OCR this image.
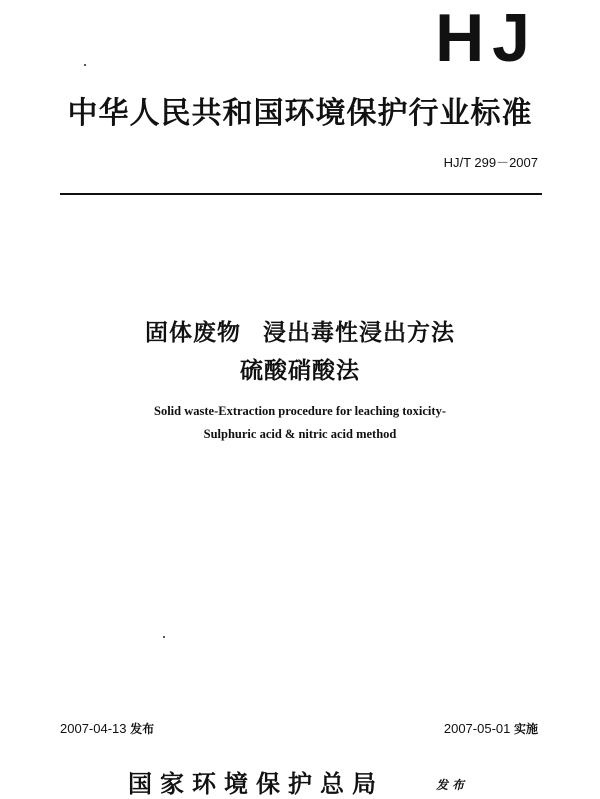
HJ
中华人民共和国环境保护行业标准
HJ/T 299－2007
固体废物 浸出毒性浸出方法
硫酸硝酸法
Solid waste-Extraction procedure for leaching toxicity-
Sulphuric acid & nitric acid method
2007-04-13 发布	2007-05-01 实施
国家环境保护总局	发布
